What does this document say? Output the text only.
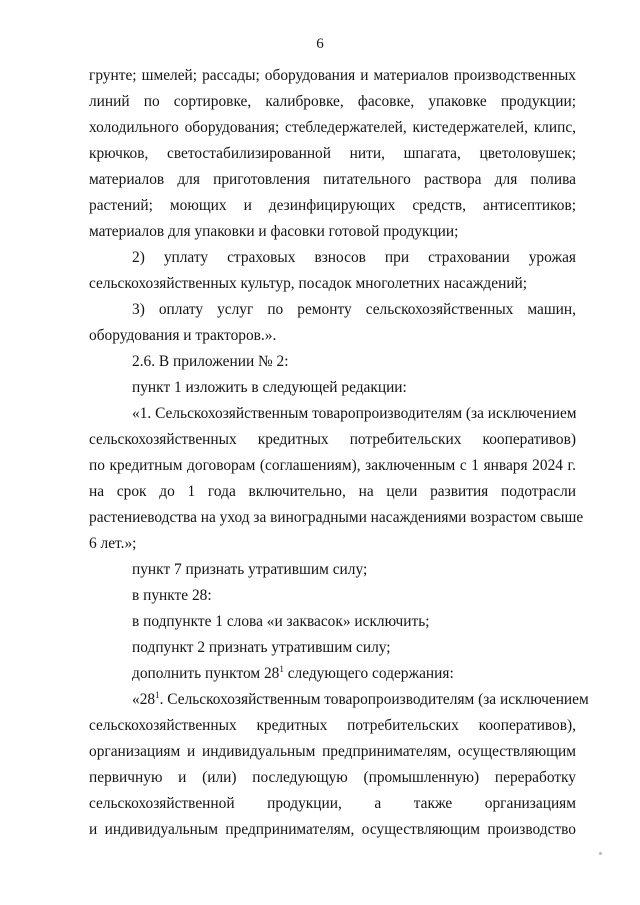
6
грунте; шмелей; рассады; оборудования и материалов производственных
линий по сортировке, калибровке, фасовке, упаковке продукции;
холодильного оборудования; стебледержателей, кистедержателей, клипс,
крючков, светостабилизированной нити, шпагата, цветоловушек;
материалов для приготовления питательного раствора для полива
растений; моющих и дезинфицирующих средств, антисептиков;
материалов для упаковки и фасовки готовой продукции;
2) уплату страховых взносов при страховании урожая
сельскохозяйственных культур, посадок многолетних насаждений;
3) оплату услуг по ремонту сельскохозяйственных машин,
оборудования и тракторов.».
2.6. В приложении № 2:
пункт 1 изложить в следующей редакции:
«1. Сельскохозяйственным товаропроизводителям (за исключением
сельскохозяйственных кредитных потребительских кооперативов)
по кредитным договорам (соглашениям), заключенным с 1 января 2024 г.
на срок до 1 года включительно, на цели развития подотрасли
растениеводства на уход за виноградными насаждениями возрастом свыше
6 лет.»;
пункт 7 признать утратившим силу;
в пункте 28:
в подпункте 1 слова «и заквасок» исключить;
подпункт 2 признать утратившим силу;
дополнить пунктом $28^1$ следующего содержания:
«$28^1$. Сельскохозяйственным товаропроизводителям (за исключением
сельскохозяйственных кредитных потребительских кооперативов),
организациям и индивидуальным предпринимателям, осуществляющим
первичную и (или) последующую (промышленную) переработку
сельскохозяйственной продукции, а также организациям
и индивидуальным предпринимателям, осуществляющим производство
